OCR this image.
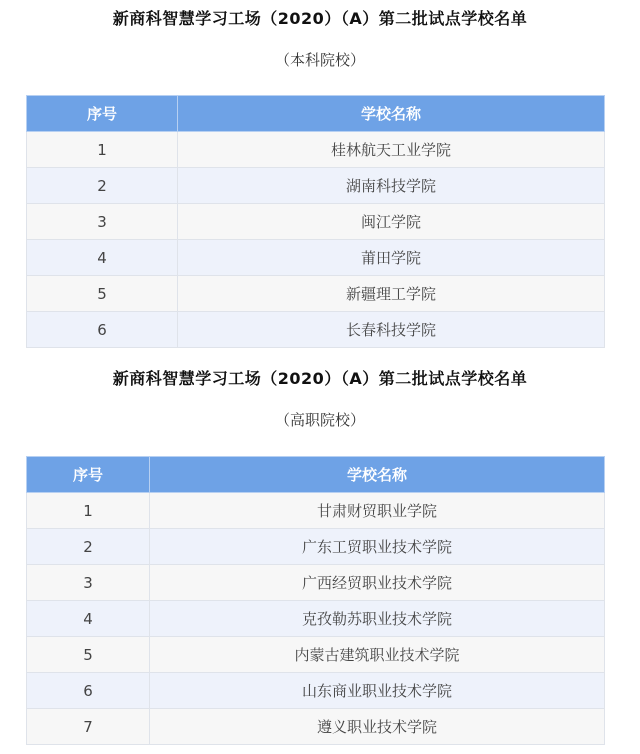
新商科智慧学习工场（2020）（A）第二批试点学校名单
（本科院校）
序号	学校名称
1	桂林航天工业学院
2	湖南科技学院
3	闽江学院
4	莆田学院
5	新疆理工学院
6	长春科技学院
新商科智慧学习工场（2020）（A）第二批试点学校名单
（高职院校）
序号	学校名称
1	甘肃财贸职业学院
2	广东工贸职业技术学院
3	广西经贸职业技术学院
4	克孜勒苏职业技术学院
5	内蒙古建筑职业技术学院
6	山东商业职业技术学院
7	遵义职业技术学院
